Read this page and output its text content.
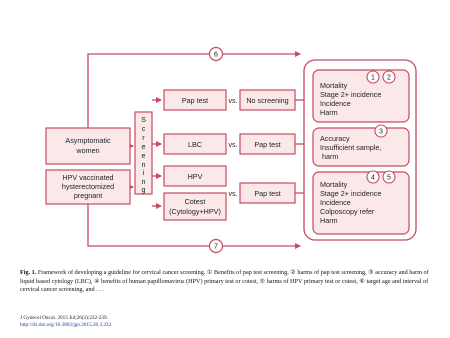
Asymptomatic
women
HPV vaccinated
hysterectomized
pregnant
S
c
r
e
e
n
i
n
g
Pap test
LBC
HPV
Cotest
(Cytology+HPV)
vs.
vs.
vs.
No screening
Pap test
Pap test
Mortality
Stage 2+ incidence
Incidence
Harm
Accuracy
Insufficient sample,
harm
Mortality
Stage 2+ incidence
Incidence
Colposcopy refer
Harm
6
7
1 2
3
4 5
Fig. 1. Framework of developing a guideline for cervical cancer screening. ① Benefits of pap test screening, ② harms of pap test screening, ③ accuracy and harm of liquid based cytology (LBC), ④ benefits of human papillomavirus (HPV) primary test or cotest, ⑤ harms of HPV primary test or cotest, ⑥ target age and interval of cervical cancer screening, and . . .
J Gynecol Oncol. 2015 Jul;26(3):232-239.
http://dx.doi.org/10.3802/jgo.2015.26.3.232
